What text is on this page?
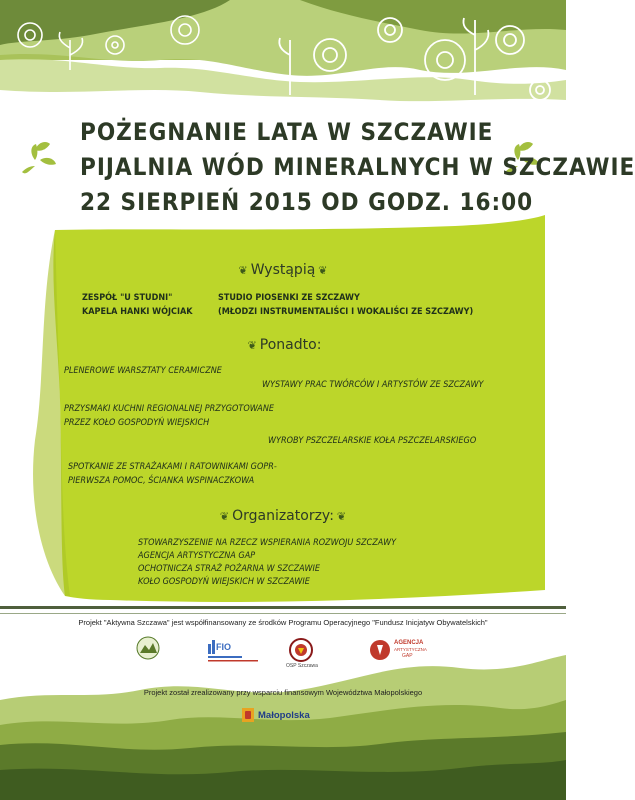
POŻEGNANIE LATA W SZCZAWIE
PIJALNIA WÓD MINERALNYCH W SZCZAWIE
22 SIERPIEŃ 2015 OD GODZ. 16:00
❦ Wystąpią ❦
ZESPÓŁ "U STUDNI"
KAPELA HANKI WÓJCIAK
STUDIO PIOSENKI ZE SZCZAWY
(MŁODZI INSTRUMENTALIŚCI I WOKALIŚCI ZE SZCZAWY)
❦ Ponadto:
PLENEROWE WARSZTATY CERAMICZNE
WYSTAWY PRAC TWÓRCÓW I ARTYSTÓW ZE SZCZAWY
PRZYSMAKI KUCHNI REGIONALNEJ PRZYGOTOWANE
PRZEZ KOŁO GOSPODYŃ WIEJSKICH
WYROBY PSZCZELARSKIE KOŁA PSZCZELARSKIEGO
SPOTKANIE ZE STRAŻAKAMI I RATOWNIKAMI GOPR-
PIERWSZA POMOC, ŚCIANKA WSPINACZKOWA
❦ Organizatorzy: ❦
STOWARZYSZENIE NA RZECZ WSPIERANIA ROZWOJU SZCZAWY
AGENCJA ARTYSTYCZNA GAP
OCHOTNICZA STRAŻ POŻARNA W SZCZAWIE
KOŁO GOSPODYŃ WIEJSKICH W SZCZAWIE
Projekt "Aktywna Szczawa" jest współfinansowany ze środków Programu Operacyjnego "Fundusz Inicjatyw Obywatelskich"
FIO
OSP Szczawa
AGENCJA
ARTYSTYCZNA
GAP
Projekt został zrealizowany przy wsparciu finansowym Województwa Małopolskiego
Małopolska
